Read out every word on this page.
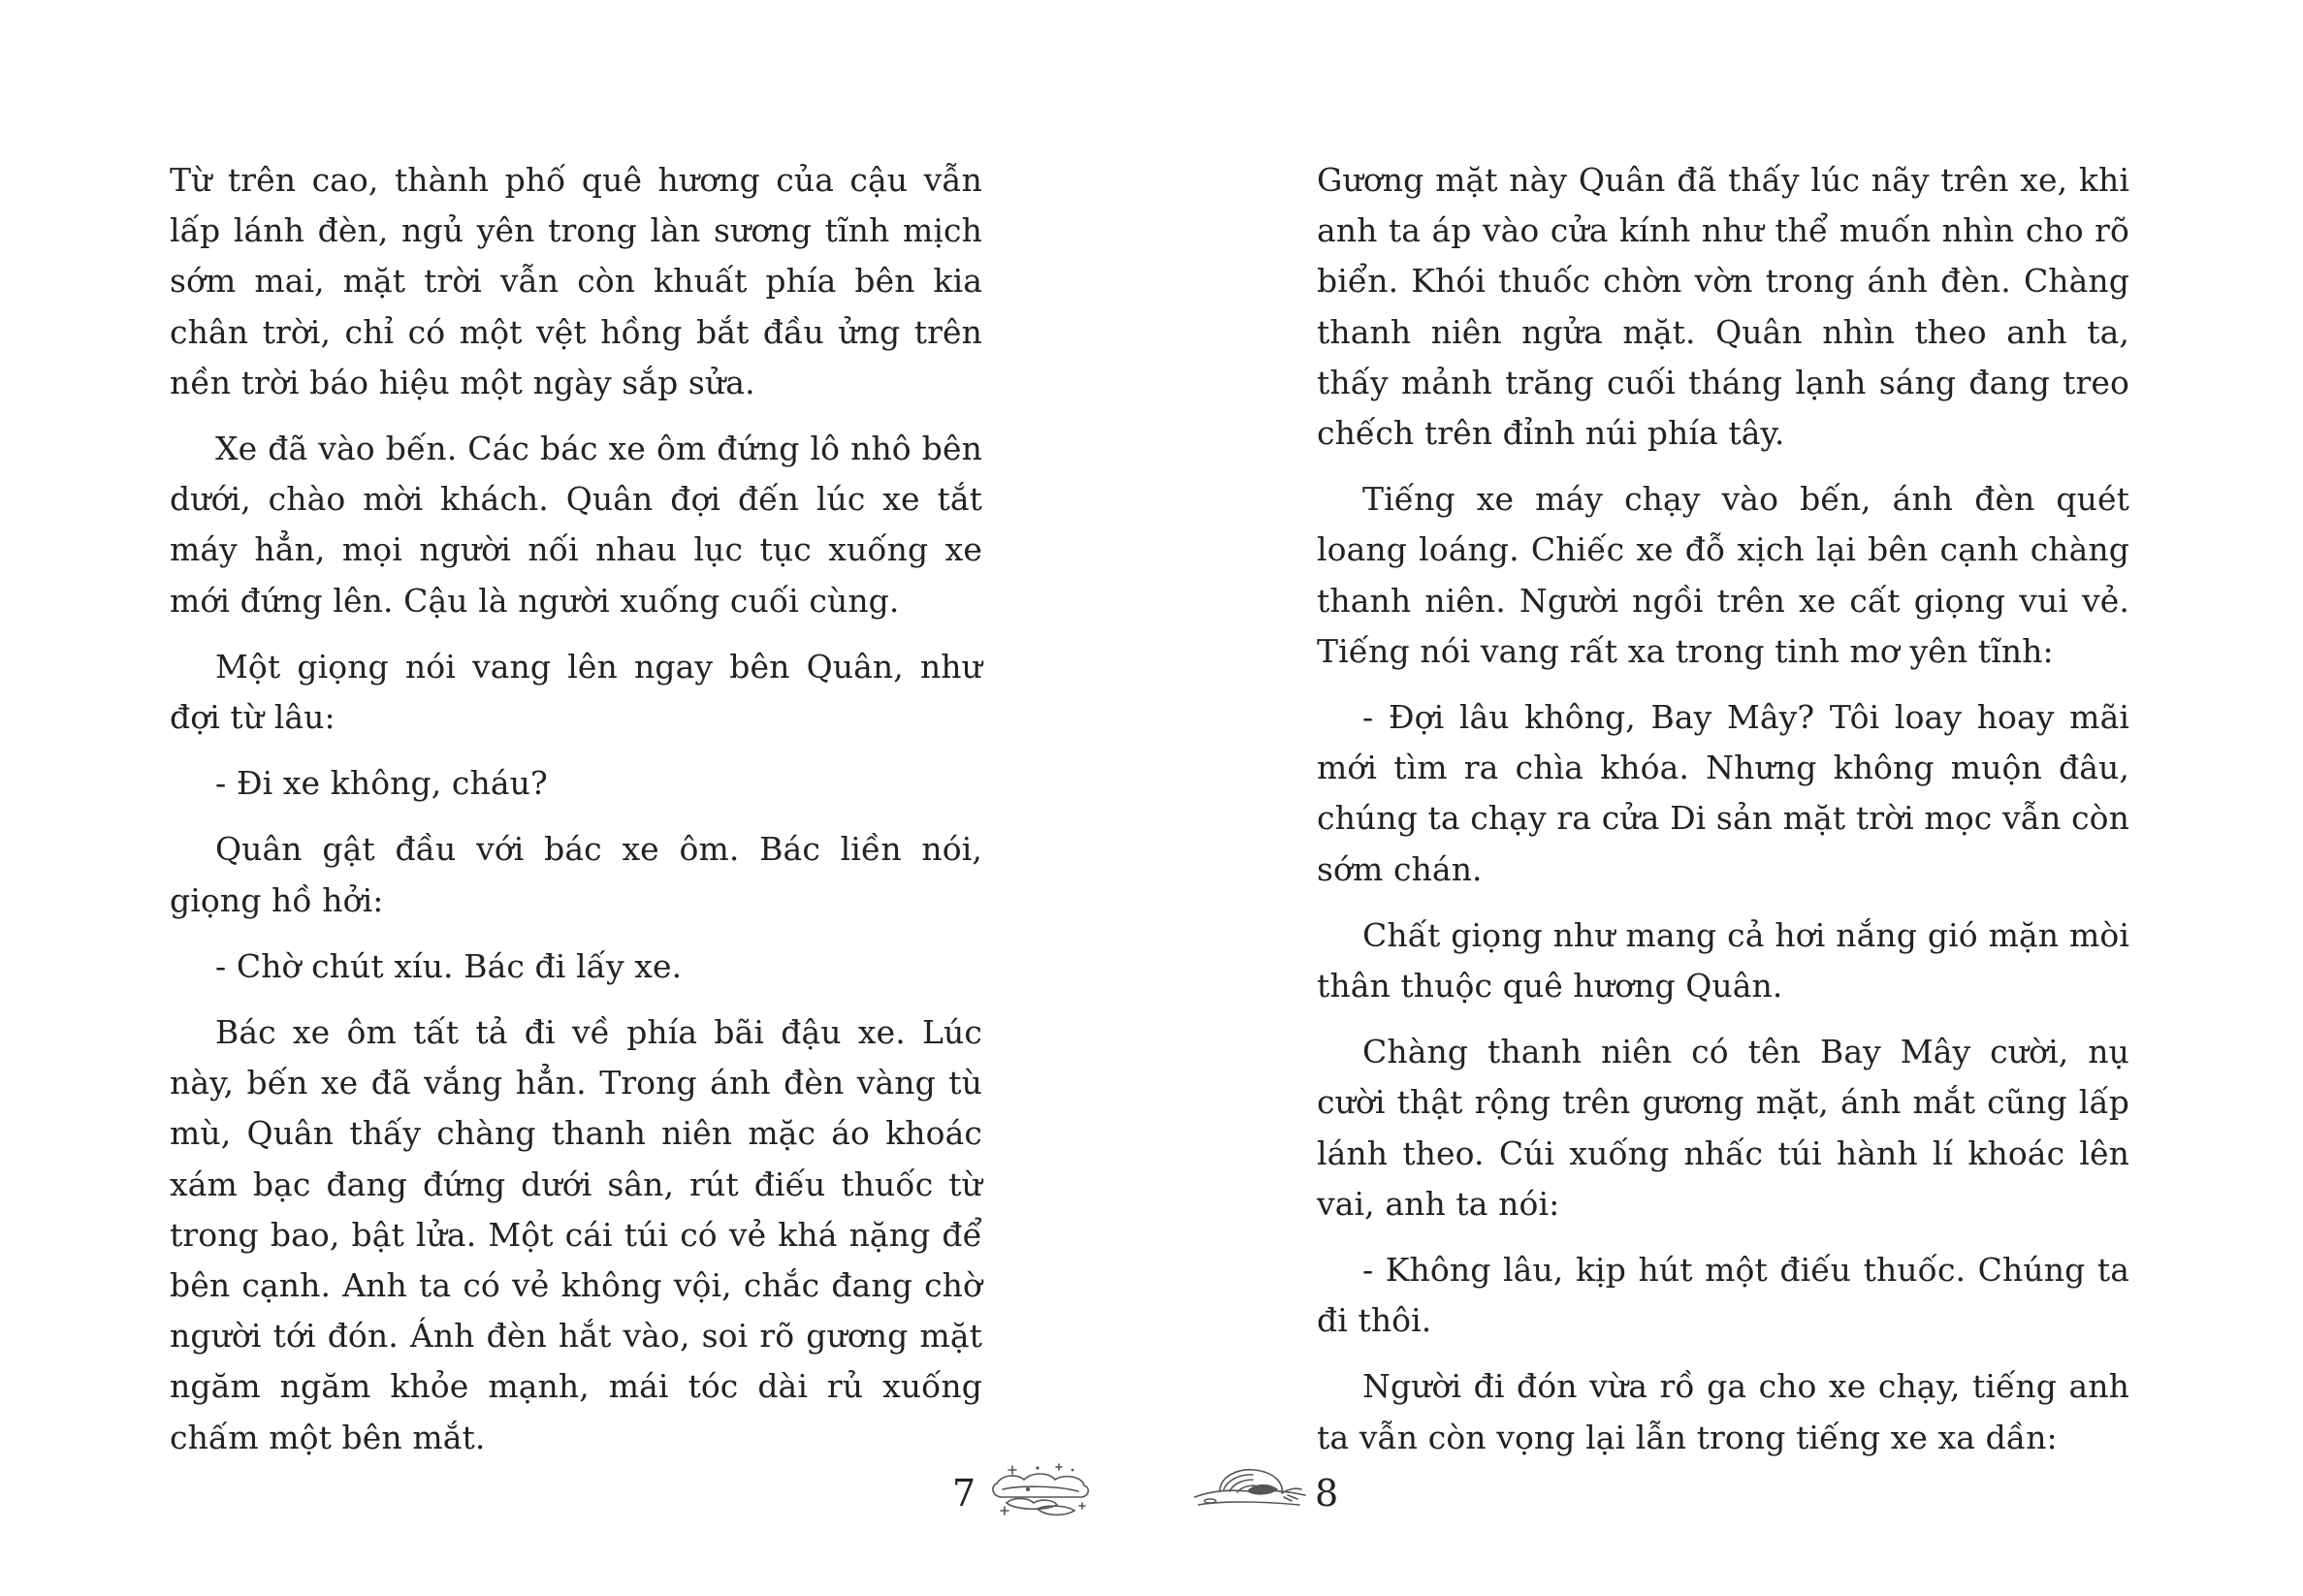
Từ trên cao, thành phố quê hương của cậu vẫn lấp lánh đèn, ngủ yên trong làn sương tĩnh mịch sớm mai, mặt trời vẫn còn khuất phía bên kia chân trời, chỉ có một vệt hồng bắt đầu ửng trên nền trời báo hiệu một ngày sắp sửa.

Xe đã vào bến. Các bác xe ôm đứng lô nhô bên dưới, chào mời khách. Quân đợi đến lúc xe tắt máy hẳn, mọi người nối nhau lục tục xuống xe mới đứng lên. Cậu là người xuống cuối cùng.

Một giọng nói vang lên ngay bên Quân, như đợi từ lâu:

- Đi xe không, cháu?

Quân gật đầu với bác xe ôm. Bác liền nói, giọng hồ hởi:

- Chờ chút xíu. Bác đi lấy xe.

Bác xe ôm tất tả đi về phía bãi đậu xe. Lúc này, bến xe đã vắng hẳn. Trong ánh đèn vàng tù mù, Quân thấy chàng thanh niên mặc áo khoác xám bạc đang đứng dưới sân, rút điếu thuốc từ trong bao, bật lửa. Một cái túi có vẻ khá nặng để bên cạnh. Anh ta có vẻ không vội, chắc đang chờ người tới đón. Ánh đèn hắt vào, soi rõ gương mặt ngăm ngăm khỏe mạnh, mái tóc dài rủ xuống chấm một bên mắt.

Gương mặt này Quân đã thấy lúc nãy trên xe, khi anh ta áp vào cửa kính như thể muốn nhìn cho rõ biển. Khói thuốc chờn vờn trong ánh đèn. Chàng thanh niên ngửa mặt. Quân nhìn theo anh ta, thấy mảnh trăng cuối tháng lạnh sáng đang treo chếch trên đỉnh núi phía tây.

Tiếng xe máy chạy vào bến, ánh đèn quét loang loáng. Chiếc xe đỗ xịch lại bên cạnh chàng thanh niên. Người ngồi trên xe cất giọng vui vẻ. Tiếng nói vang rất xa trong tinh mơ yên tĩnh:

- Đợi lâu không, Bay Mây? Tôi loay hoay mãi mới tìm ra chìa khóa. Nhưng không muộn đâu, chúng ta chạy ra cửa Di sản mặt trời mọc vẫn còn sớm chán.

Chất giọng như mang cả hơi nắng gió mặn mòi thân thuộc quê hương Quân.

Chàng thanh niên có tên Bay Mây cười, nụ cười thật rộng trên gương mặt, ánh mắt cũng lấp lánh theo. Cúi xuống nhấc túi hành lí khoác lên vai, anh ta nói:

- Không lâu, kịp hút một điếu thuốc. Chúng ta đi thôi.

Người đi đón vừa rồ ga cho xe chạy, tiếng anh ta vẫn còn vọng lại lẫn trong tiếng xe xa dần:

7	8
